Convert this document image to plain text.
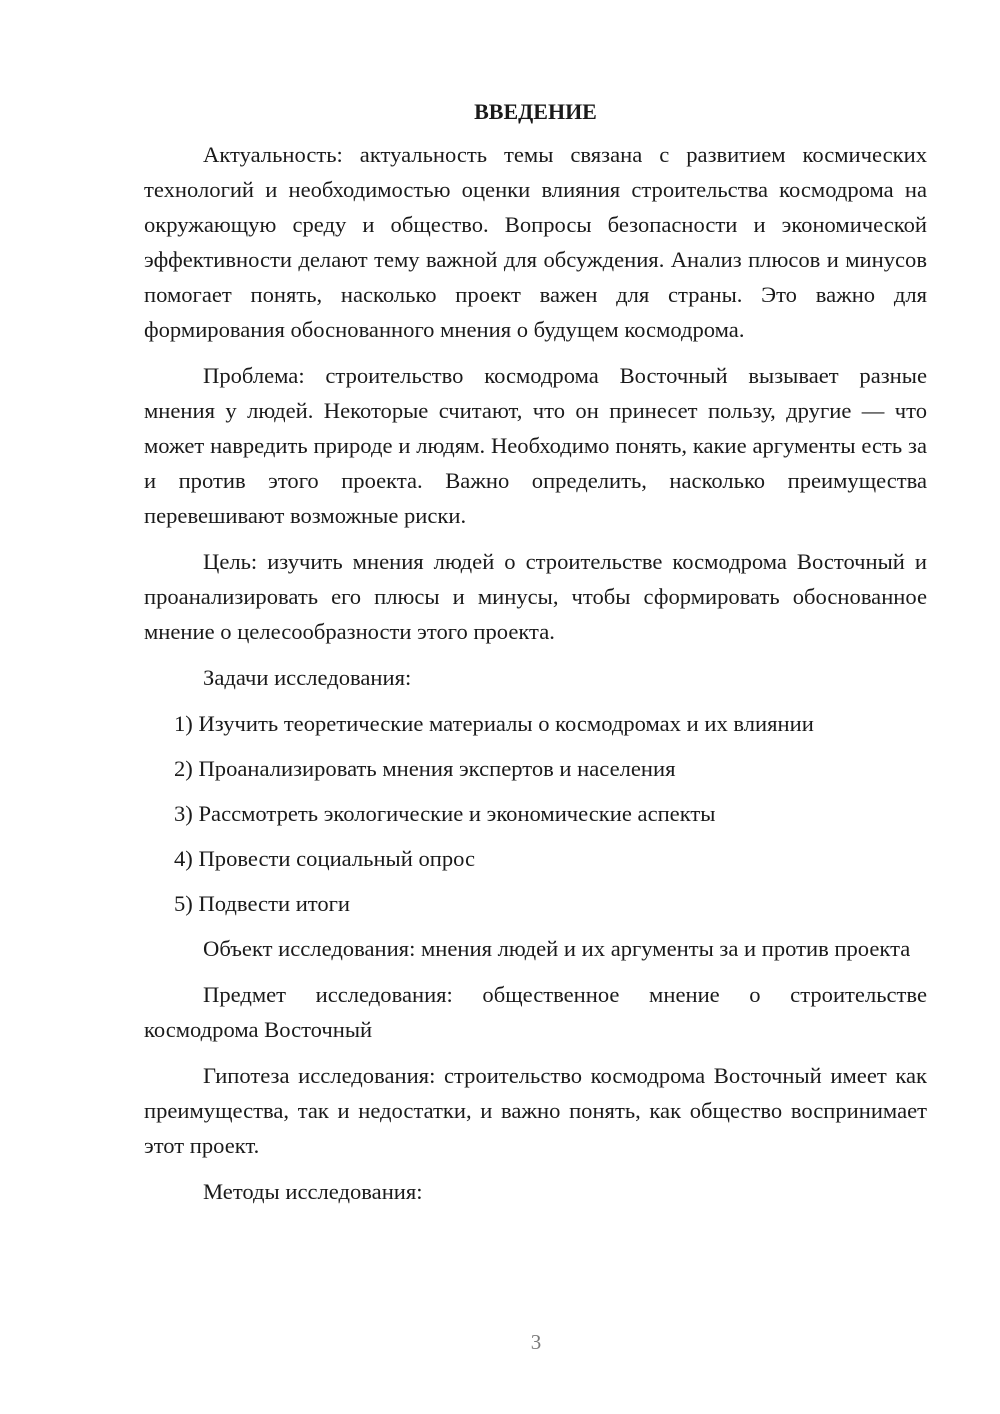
ВВЕДЕНИЕ

Актуальность: актуальность темы связана с развитием космических технологий и необходимостью оценки влияния строительства космодрома на окружающую среду и общество. Вопросы безопасности и экономической эффективности делают тему важной для обсуждения. Анализ плюсов и минусов помогает понять, насколько проект важен для страны. Это важно для формирования обоснованного мнения о будущем космодрома.

Проблема: строительство космодрома Восточный вызывает разные мнения у людей. Некоторые считают, что он принесет пользу, другие — что может навредить природе и людям. Необходимо понять, какие аргументы есть за и против этого проекта. Важно определить, насколько преимущества перевешивают возможные риски.

Цель: изучить мнения людей о строительстве космодрома Восточный и проанализировать его плюсы и минусы, чтобы сформировать обоснованное мнение о целесообразности этого проекта.

Задачи исследования:

1) Изучить теоретические материалы о космодромах и их влиянии
2) Проанализировать мнения экспертов и населения
3) Рассмотреть экологические и экономические аспекты
4) Провести социальный опрос
5) Подвести итоги

Объект исследования: мнения людей и их аргументы за и против проекта

Предмет исследования: общественное мнение о строительстве космодрома Восточный

Гипотеза исследования: строительство космодрома Восточный имеет как преимущества, так и недостатки, и важно понять, как общество воспринимает этот проект.

Методы исследования:

3
